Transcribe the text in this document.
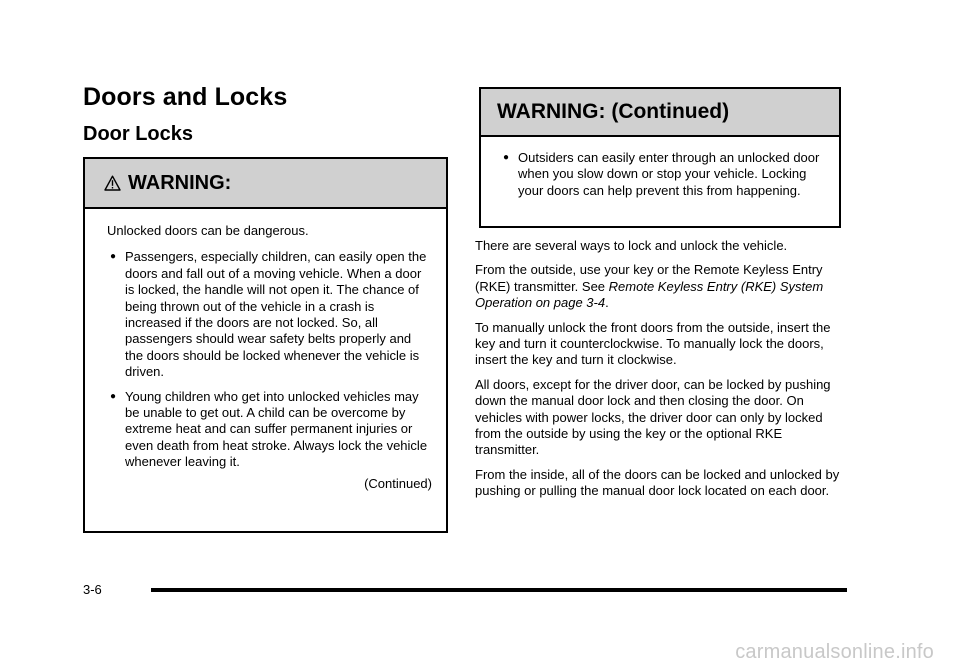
Doors and Locks
Door Locks
WARNING:

Unlocked doors can be dangerous.

● Passengers, especially children, can easily open the doors and fall out of a moving vehicle. When a door is locked, the handle will not open it. The chance of being thrown out of the vehicle in a crash is increased if the doors are not locked. So, all passengers should wear safety belts properly and the doors should be locked whenever the vehicle is driven.
● Young children who get into unlocked vehicles may be unable to get out. A child can be overcome by extreme heat and can suffer permanent injuries or even death from heat stroke. Always lock the vehicle whenever leaving it.
(Continued)
WARNING: (Continued)
● Outsiders can easily enter through an unlocked door when you slow down or stop your vehicle. Locking your doors can help prevent this from happening.

There are several ways to lock and unlock the vehicle.

From the outside, use your key or the Remote Keyless Entry (RKE) transmitter. See Remote Keyless Entry (RKE) System Operation on page 3-4.

To manually unlock the front doors from the outside, insert the key and turn it counterclockwise. To manually lock the doors, insert the key and turn it clockwise.

All doors, except for the driver door, can be locked by pushing down the manual door lock and then closing the door. On vehicles with power locks, the driver door can only by locked from the outside by using the key or the optional RKE transmitter.

From the inside, all of the doors can be locked and unlocked by pushing or pulling the manual door lock located on each door.

3-6
carmanualsonline.info
